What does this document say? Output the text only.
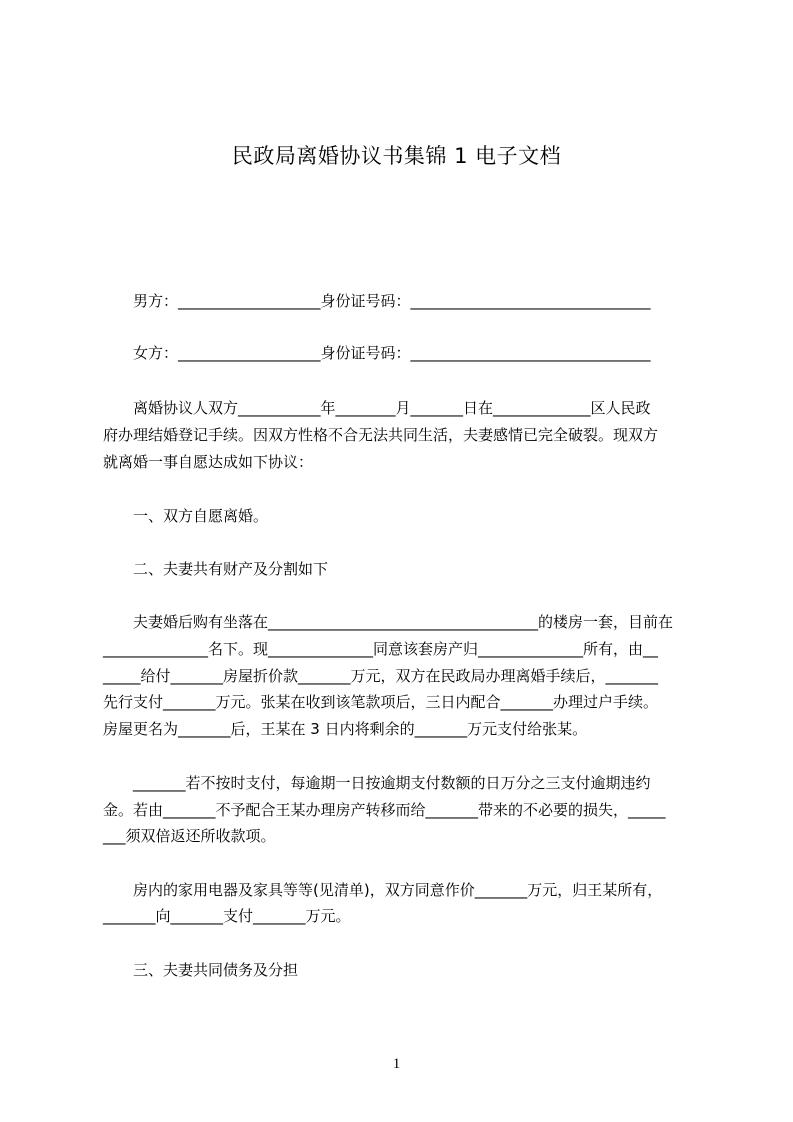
民政局离婚协议书集锦 1 电子文档
　　男方：___________________身份证号码：________________________________
　　女方：___________________身份证号码：________________________________
　　离婚协议人双方___________年________月_______日在_____________区人民政
府办理结婚登记手续。因双方性格不合无法共同生活，夫妻感情已完全破裂。现双方
就离婚一事自愿达成如下协议：
　　一、双方自愿离婚。
　　二、夫妻共有财产及分割如下
　　夫妻婚后购有坐落在____________________________________的楼房一套，目前在
______________名下。现______________同意该套房产归______________所有，由__
_____给付_______房屋折价款_______万元，双方在民政局办理离婚手续后，_______
先行支付_______万元。张某在收到该笔款项后，三日内配合_______办理过户手续。
房屋更名为_______后，王某在 3 日内将剩余的_______万元支付给张某。
　　_______若不按时支付，每逾期一日按逾期支付数额的日万分之三支付逾期违约
金。若由_______不予配合王某办理房产转移而给_______带来的不必要的损失，_____
___须双倍返还所收款项。
　　房内的家用电器及家具等等(见清单)，双方同意作价_______万元，归王某所有，
_______向_______支付_______万元。
　　三、夫妻共同债务及分担
1
